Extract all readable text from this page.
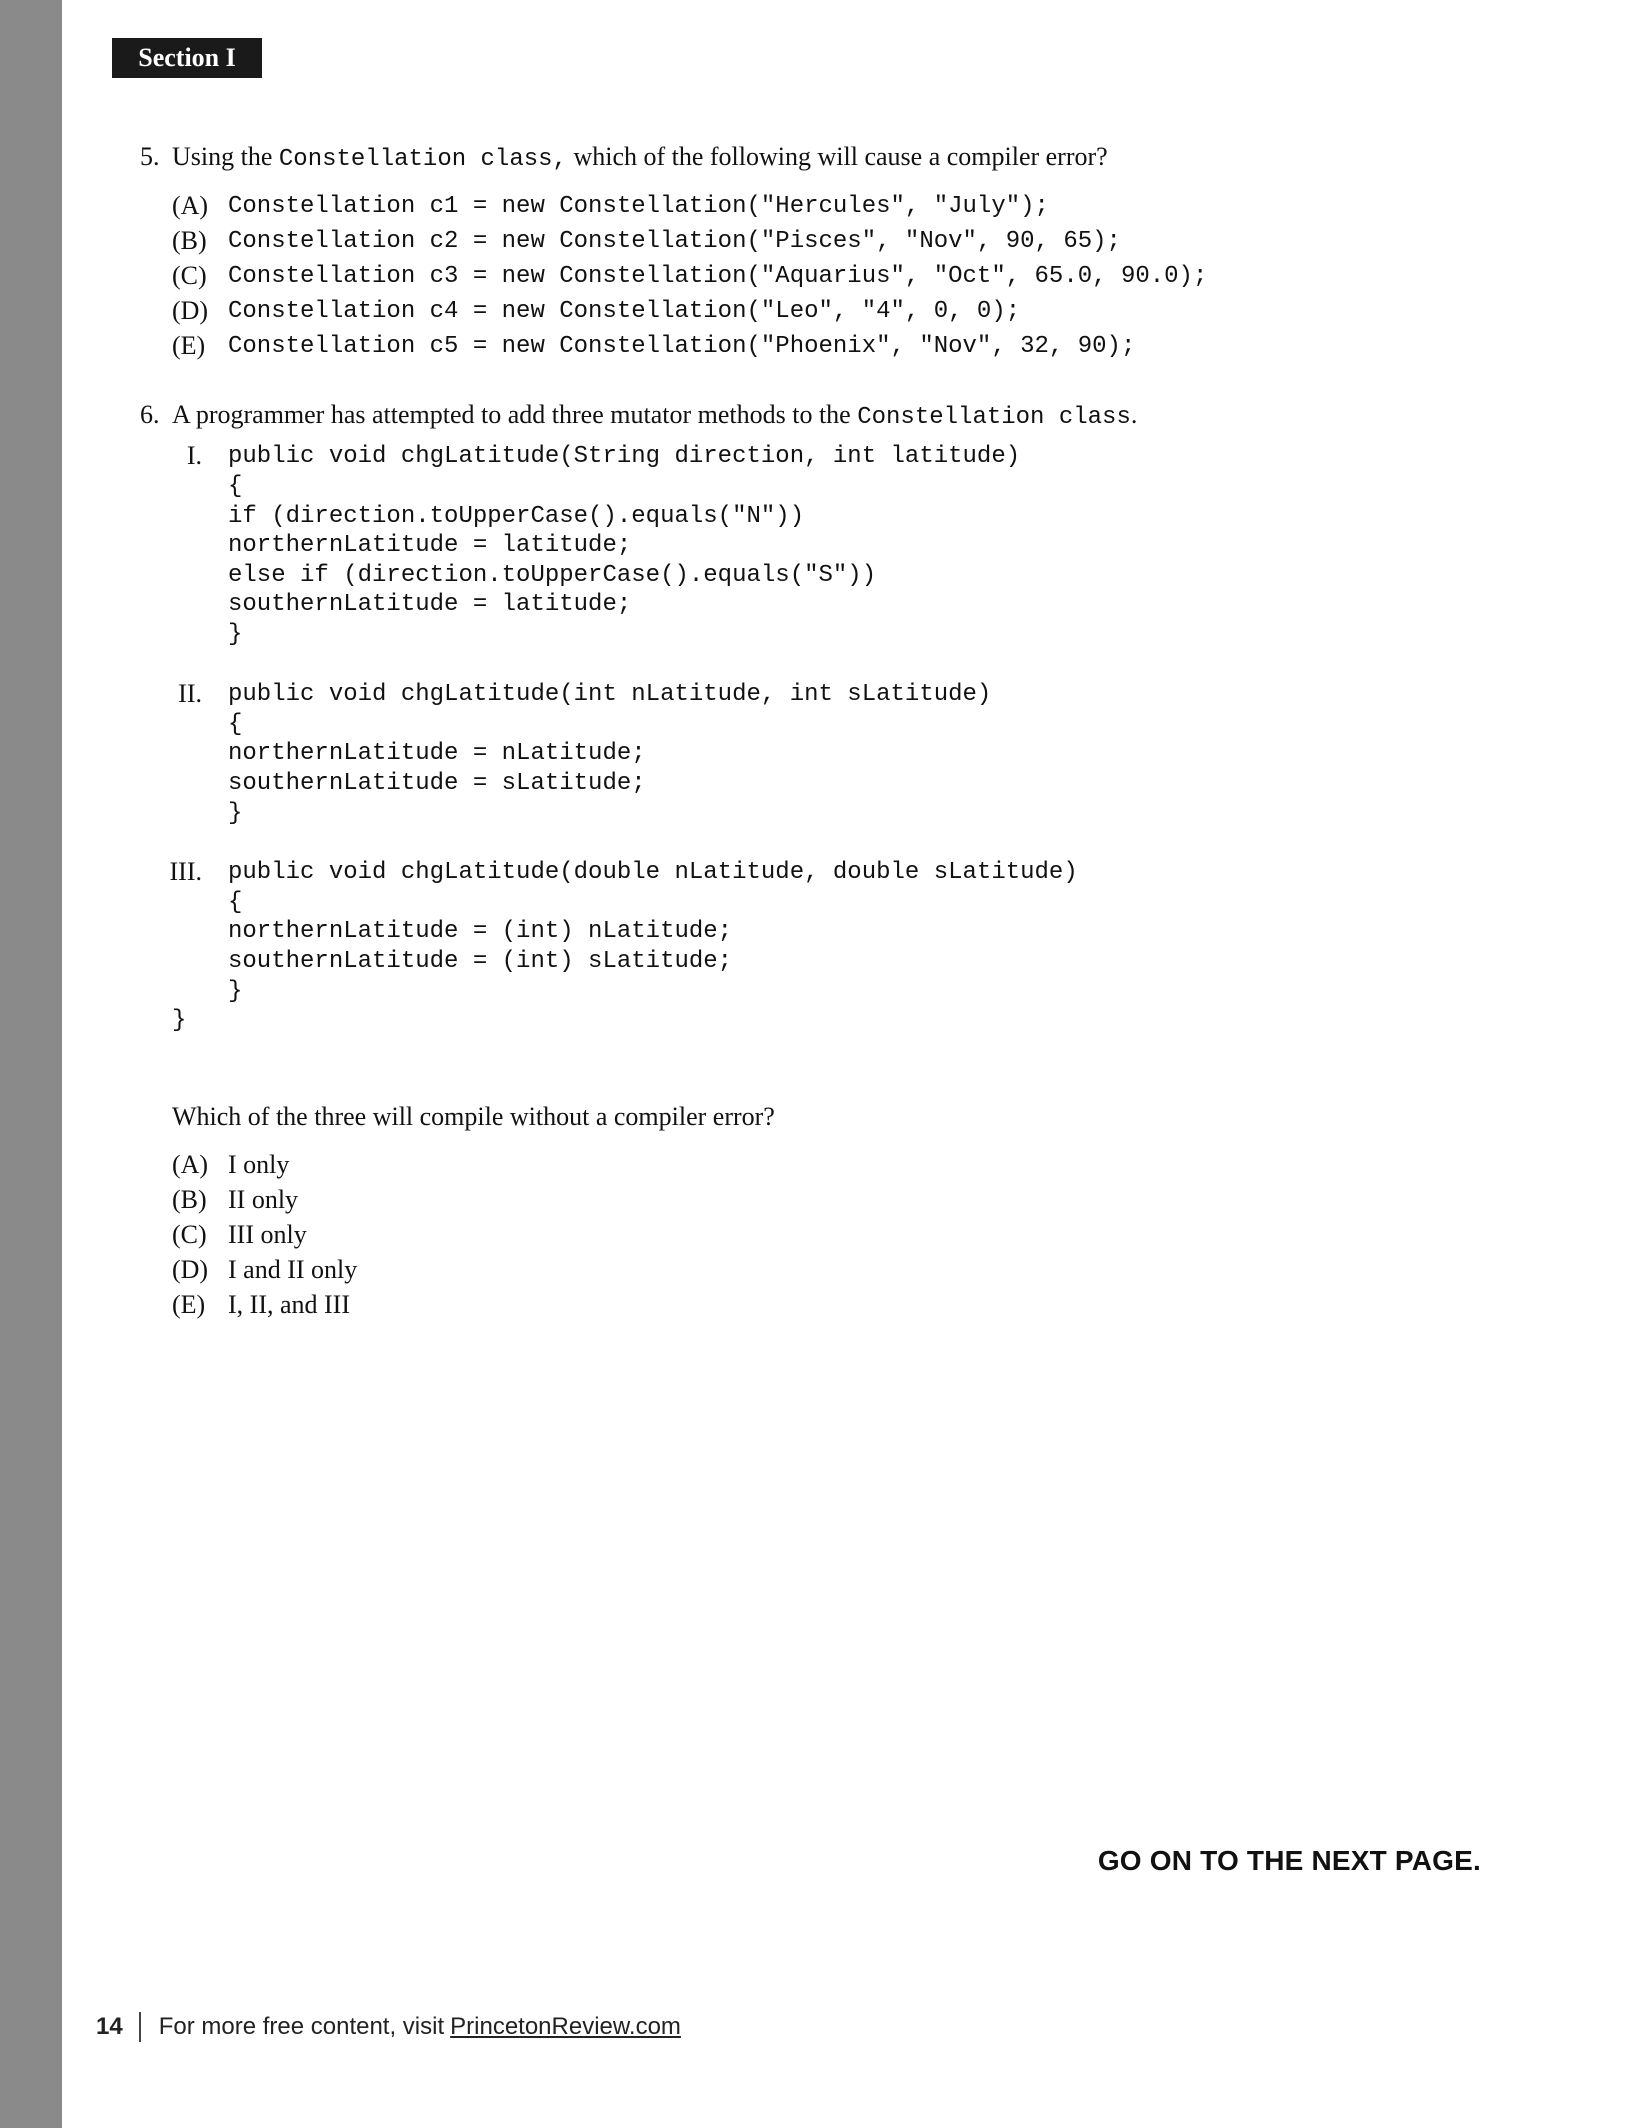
Section I
5. Using the Constellation class, which of the following will cause a compiler error?
(A) Constellation c1 = new Constellation("Hercules", "July");
(B) Constellation c2 = new Constellation("Pisces", "Nov", 90, 65);
(C) Constellation c3 = new Constellation("Aquarius", "Oct", 65.0, 90.0);
(D) Constellation c4 = new Constellation("Leo", "4", 0, 0);
(E) Constellation c5 = new Constellation("Phoenix", "Nov", 32, 90);
6. A programmer has attempted to add three mutator methods to the Constellation class.
I. public void chgLatitude(String direction, int latitude)
{
if (direction.toUpperCase().equals("N"))
northernLatitude = latitude;
else if (direction.toUpperCase().equals("S"))
southernLatitude = latitude;
}
II. public void chgLatitude(int nLatitude, int sLatitude)
{
northernLatitude = nLatitude;
southernLatitude = sLatitude;
}
III. public void chgLatitude(double nLatitude, double sLatitude)
{
northernLatitude = (int) nLatitude;
southernLatitude = (int) sLatitude;
}
}
Which of the three will compile without a compiler error?
(A) I only
(B) II only
(C) III only
(D) I and II only
(E) I, II, and III
GO ON TO THE NEXT PAGE.
14 For more free content, visit PrincetonReview.com
